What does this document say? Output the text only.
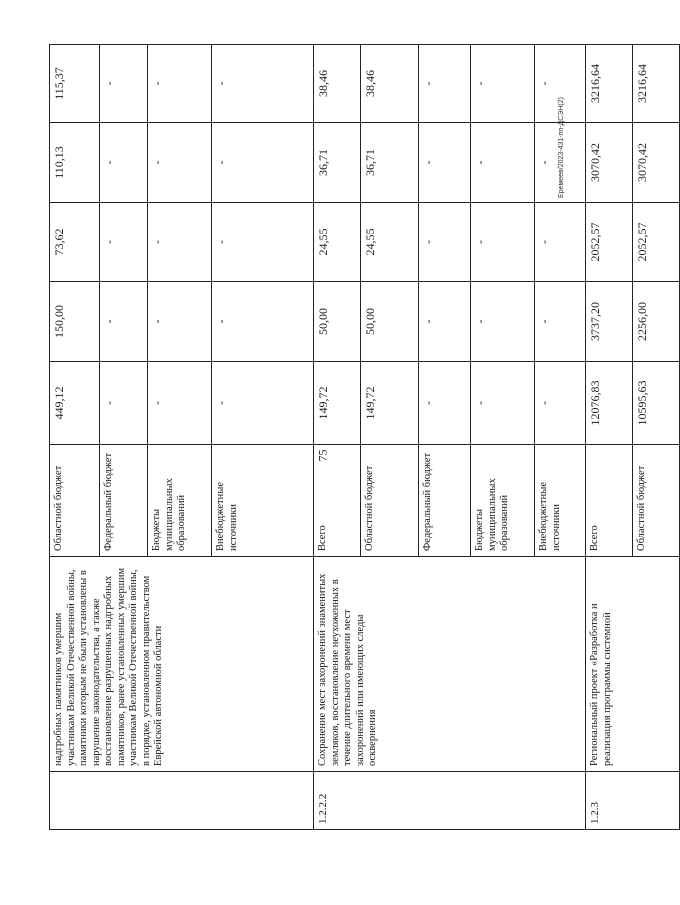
75
Еремеев/2023-431-пп-ДСЭН(2)
	надгробных памятников умершим участникам Великой Отечественной войны, памятники которым не были установлены в нарушение законодательства, а также восстановление разрушенных надгробных памятников, ранее установленных умершим участникам Великой Отечественной войны, в порядке, установленном правительством Еврейской автономной области	Областной бюджет	449,12	150,00	73,62	110,13	115,37
		Федеральный бюджет	-	-	-	-	-
		Бюджеты муниципальных образований	-	-	-	-	-
		Внебюджетные источники	-	-	-	-	-
1.2.2.2	Сохранение мест захоронений знаменитых земляков, восстановление неухоженных в течение длительного времени мест захоронений или имеющих следы осквернения	Всего	149,72	50,00	24,55	36,71	38,46
		Областной бюджет	149,72	50,00	24,55	36,71	38,46
		Федеральный бюджет	-	-	-	-	-
		Бюджеты муниципальных образований	-	-	-	-	-
		Внебюджетные источники	-	-	-	-	-
1.2.3	Региональный проект «Разработка и реализация программы системной	Всего	12076,83	3737,20	2052,57	3070,42	3216,64
		Областной бюджет	10595,63	2256,00	2052,57	3070,42	3216,64
